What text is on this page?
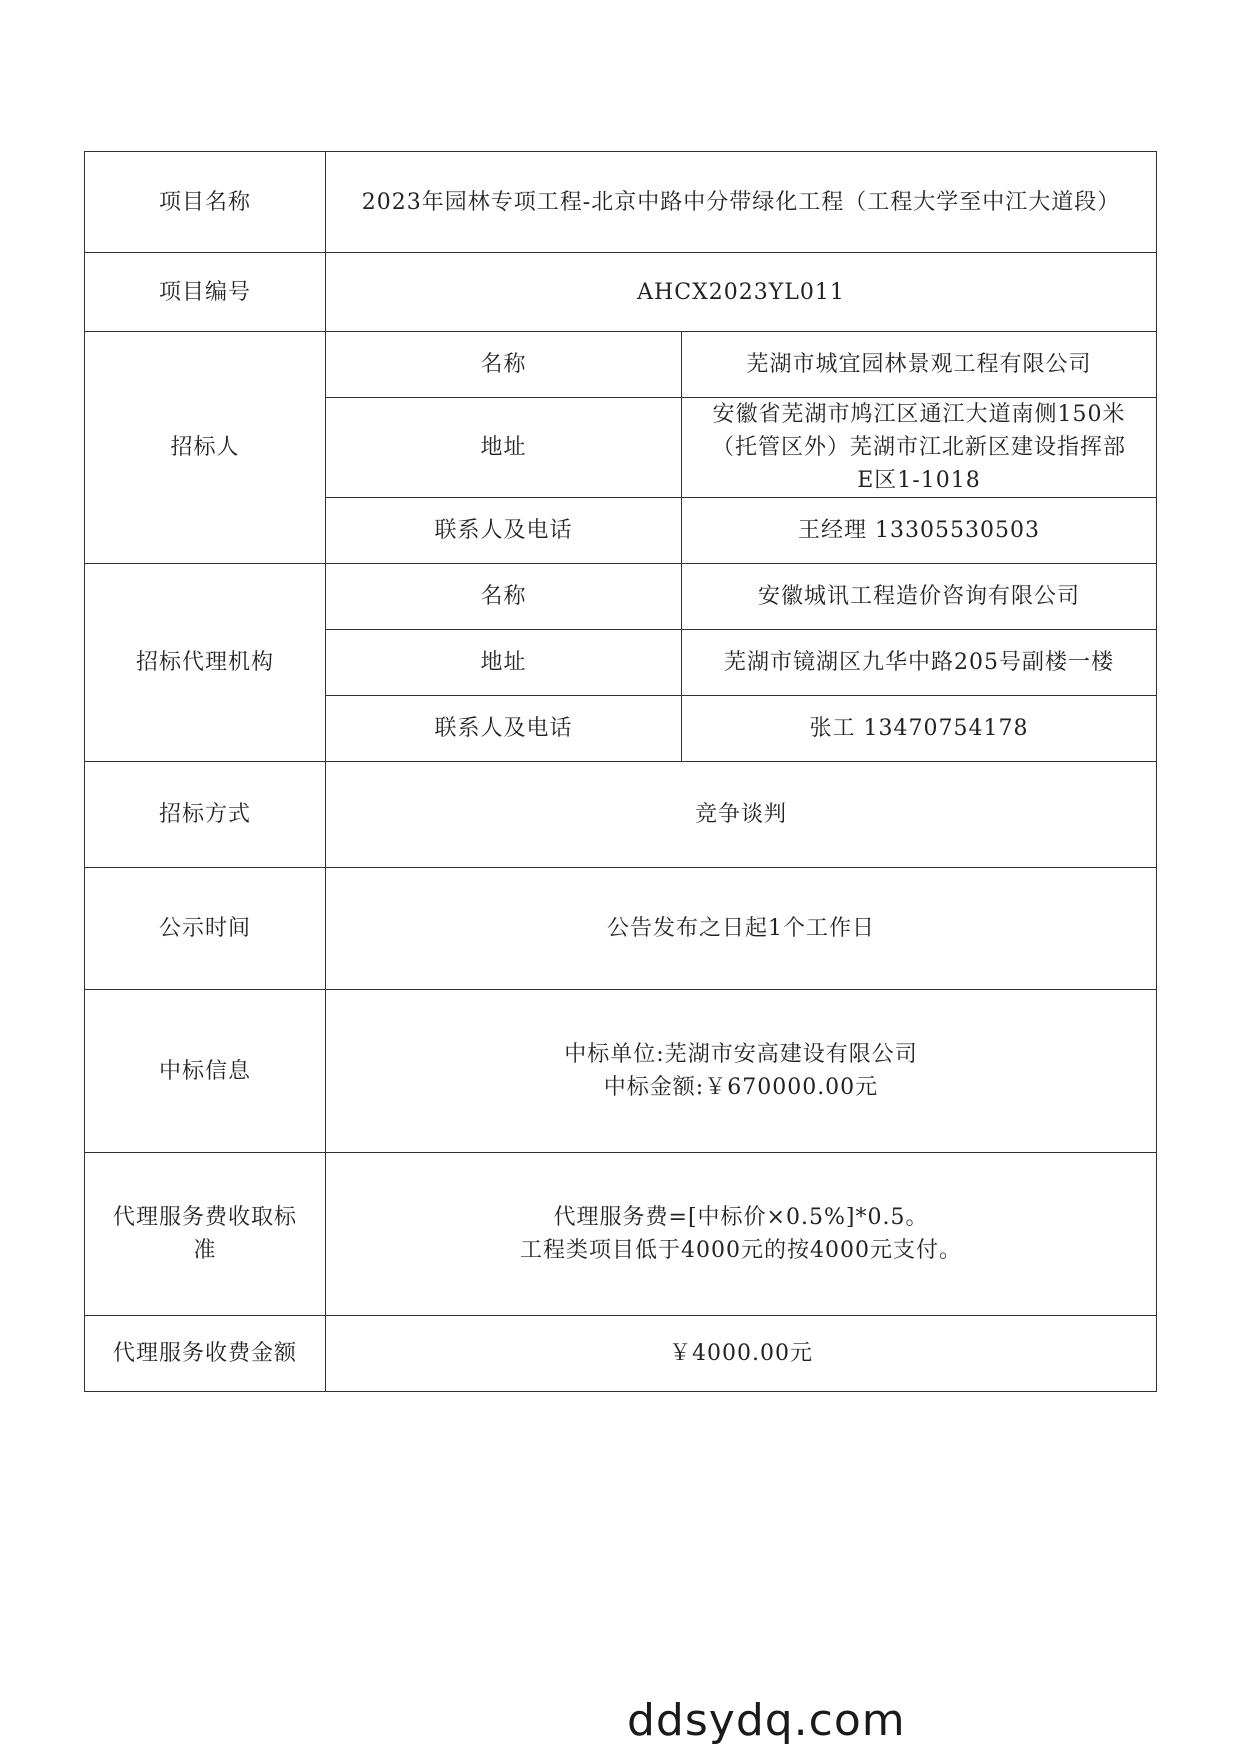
项目名称	2023年园林专项工程-北京中路中分带绿化工程（工程大学至中江大道段）	
项目编号	AHCX2023YL011	
招标人	名称	芜湖市城宜园林景观工程有限公司
	地址	安徽省芜湖市鸠江区通江大道南侧150米
（托管区外）芜湖市江北新区建设指挥部
E区1-1018

	联系人及电话	王经理 13305530503
招标代理机构	名称	安徽城讯工程造价咨询有限公司
	地址	芜湖市镜湖区九华中路205号副楼一楼
	联系人及电话	张工 13470754178
招标方式	竞争谈判	
公示时间	公告发布之日起1个工作日	
中标信息	中标单位:芜湖市安高建设有限公司
中标金额:￥670000.00元	

代理服务费收取标
准	代理服务费=[中标价×0.5%]*0.5。
工程类项目低于4000元的按4000元支付。	

代理服务收费金额	￥4000.00元	
ddsydq.com
